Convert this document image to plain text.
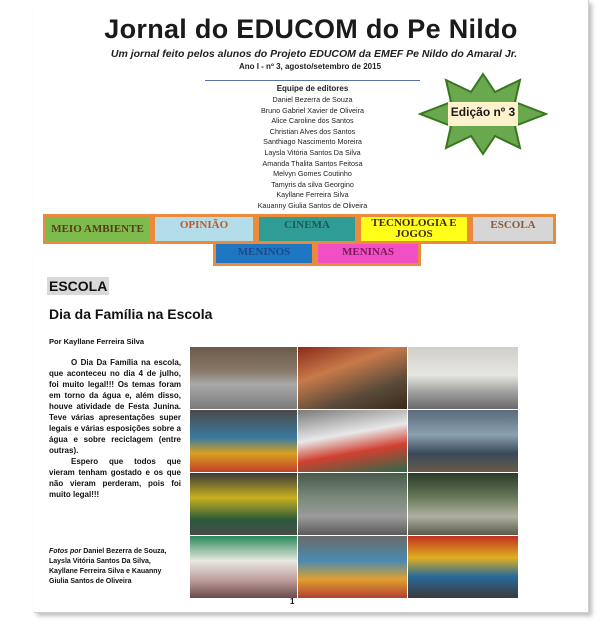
Jornal do EDUCOM do Pe Nildo
Um jornal feito pelos alunos do Projeto EDUCOM da EMEF Pe Nildo do Amaral Jr.
Ano I - nº 3, agosto/setembro de 2015
Equipe de editores
Daniel Bezerra de Souza
Bruno Gabriel Xavier de Oliveira
Alice Caroline dos Santos
Christian Alves dos Santos
Santhiago Nascimento Moreira
Laysla Vitória Santos Da Silva
Amanda Thalita Santos Feitosa
Melvyn Gomes Coutinho
Tamyris da silva Georgino
Kayllane Ferreira Silva
Kauanny Giulia Santos de Oliveira
Edição nº 3
MEIO AMBIENTE	OPINIÃO	CINEMA	TECNOLOGIA E JOGOS
ESCOLA
MENINOS	MENINAS
ESCOLA
Dia da Família na Escola
Por Kayllane Ferreira Silva

O Dia Da Família na escola, que aconteceu no dia 4 de julho, foi muito legal!!! Os temas foram em torno da água e, além disso, houve atividade de Festa Junina. Teve várias apresentações super legais e várias esposições sobre a água e sobre reciclagem (entre outras).

Espero que todos que vieram tenham gostado e os que não vieram perderam, pois foi muito legal!!!

Fotos por Daniel Bezerra de Souza, Laysla Vitória Santos Da Silva, Kayllane Ferreira Silva e Kauanny Giulia Santos de Oliveira
1
